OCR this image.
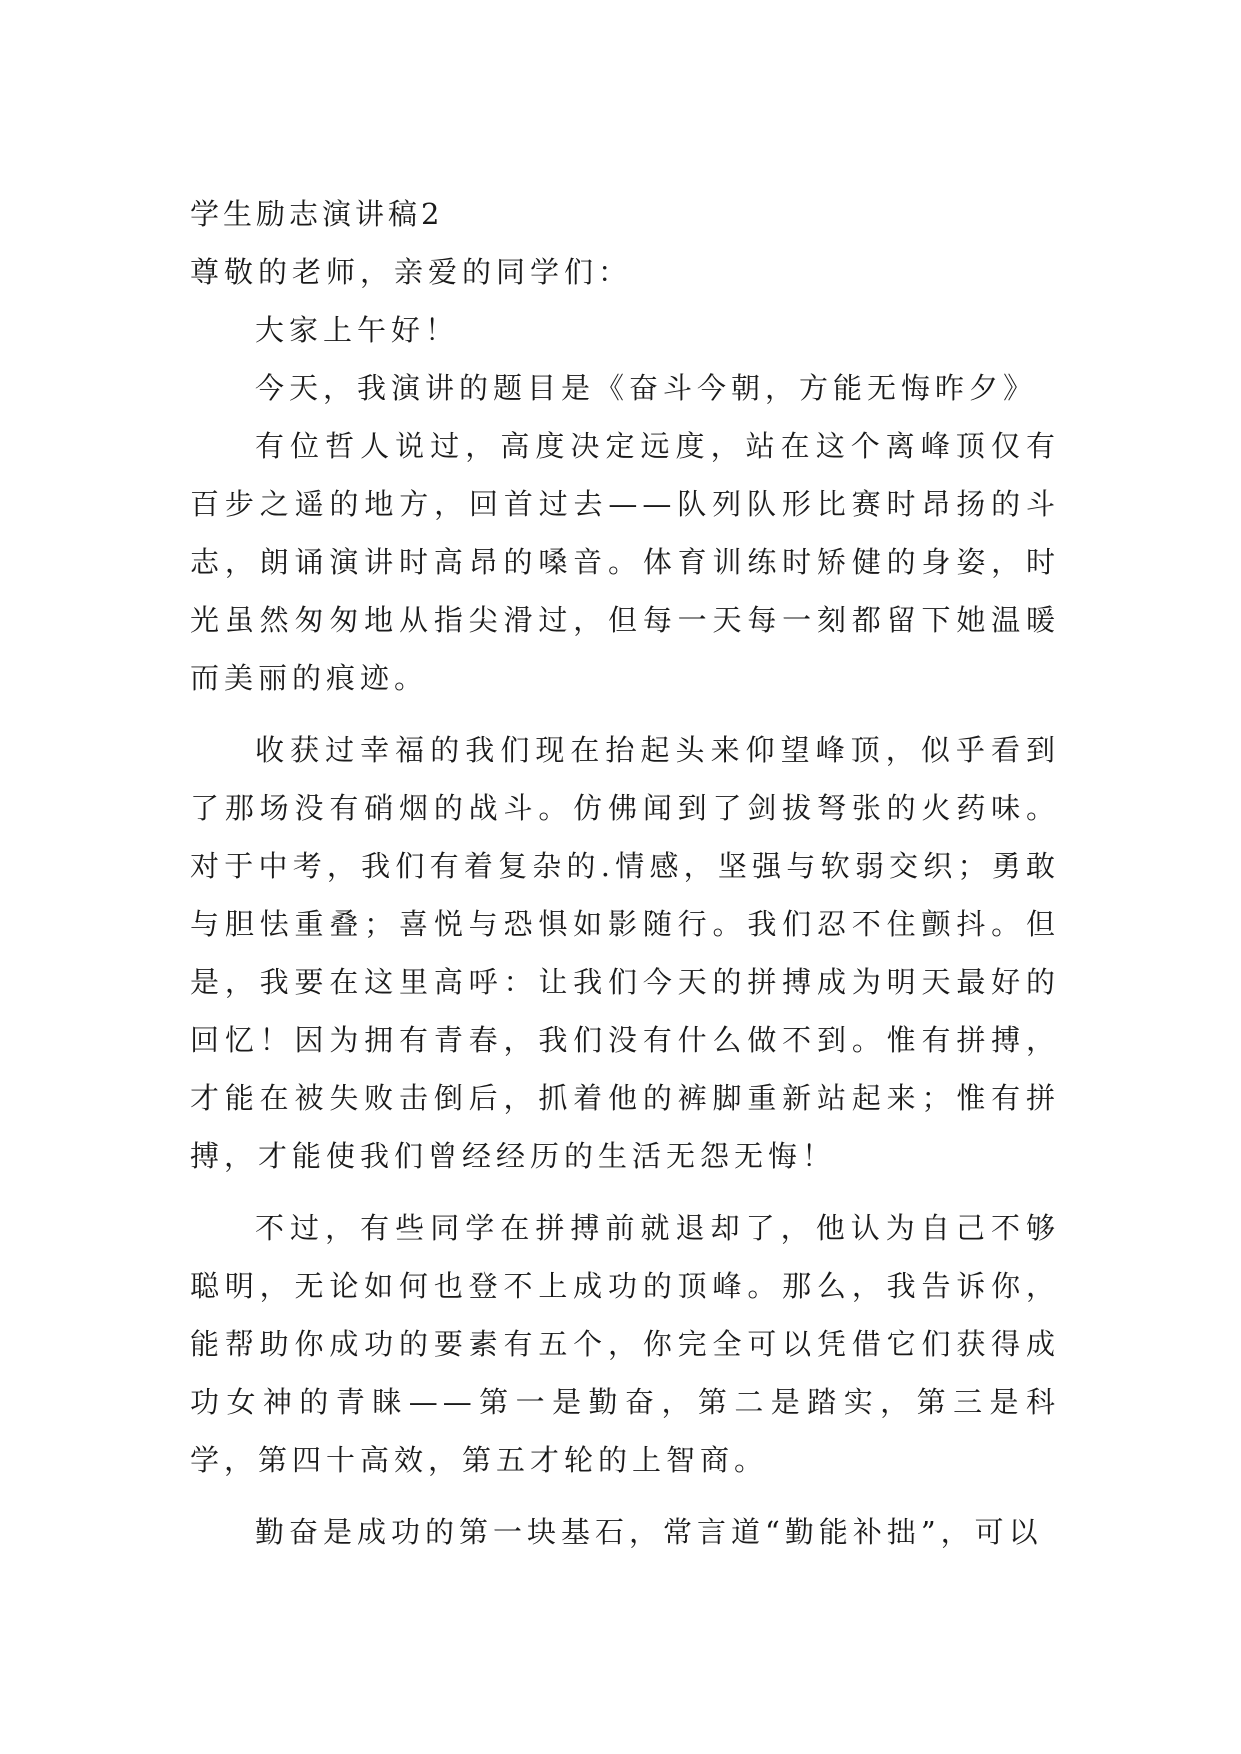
学生励志演讲稿2

尊敬的老师，亲爱的同学们：

大家上午好！

今天，我演讲的题目是《奋斗今朝，方能无悔昨夕》

有位哲人说过，高度决定远度，站在这个离峰顶仅有百步之遥的地方，回首过去——队列队形比赛时昂扬的斗志，朗诵演讲时高昂的嗓音。体育训练时矫健的身姿，时光虽然匆匆地从指尖滑过，但每一天每一刻都留下她温暖而美丽的痕迹。

收获过幸福的我们现在抬起头来仰望峰顶，似乎看到了那场没有硝烟的战斗。仿佛闻到了剑拔弩张的火药味。对于中考，我们有着复杂的.情感，坚强与软弱交织；勇敢与胆怯重叠；喜悦与恐惧如影随行。我们忍不住颤抖。但是，我要在这里高呼：让我们今天的拼搏成为明天最好的回忆！因为拥有青春，我们没有什么做不到。惟有拼搏，才能在被失败击倒后，抓着他的裤脚重新站起来；惟有拼搏，才能使我们曾经经历的生活无怨无悔！

不过，有些同学在拼搏前就退却了，他认为自己不够聪明，无论如何也登不上成功的顶峰。那么，我告诉你，能帮助你成功的要素有五个，你完全可以凭借它们获得成功女神的青睐——第一是勤奋，第二是踏实，第三是科学，第四十高效，第五才轮的上智商。

勤奋是成功的第一块基石，常言道“勤能补拙”，可以
